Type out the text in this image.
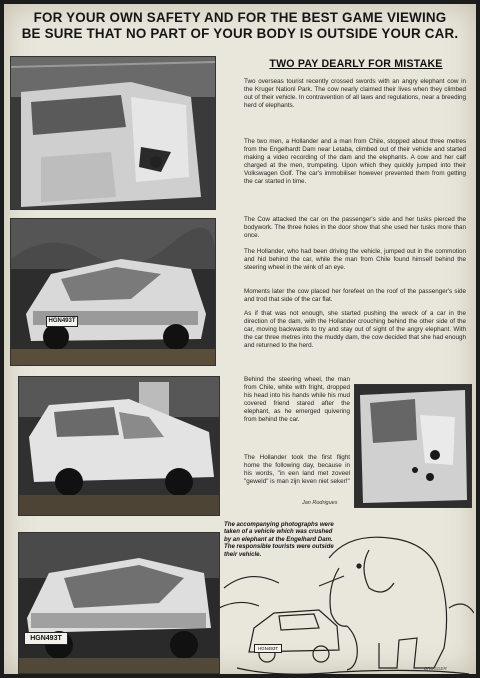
FOR YOUR OWN SAFETY AND FOR THE BEST GAME VIEWING
BE SURE THAT NO PART OF YOUR BODY IS OUTSIDE YOUR CAR.
HGN493T
HGN493T
TWO PAY DEARLY FOR MISTAKE
Two overseas tourist recently crossed swords with an angry elephant cow in the Kruger Nationl Park. The cow nearly claimed their lives when they climbed out of their vehicle. In contravention of all laws and regulations, near a breeding herd of elephants.
The two men, a Hollander and a man from Chile, stopped about three metres from the Engelhardt Dam near Letaba, climbed out of their vehicle and started making a video recording of the dam and the elephants. A cow and her calf charged at the men, trumpeting. Upon which they quickly jumped into their Volkswagen Golf. The car's immobiliser however prevented them from getting the car started in time.
The Cow attacked the car on the passenger's side and her tusks pierced the bodywork. The three holes in the door show that she used her tusks more than once.
The Hollander, who had been driving the vehicle, jumped out in the commotion and hid behind the car, while the man from Chile found himself behind the steering wheel in the wink of an eye.
Moments later the cow placed her forefeet on the roof of the passenger's side and trod that side of the car flat.
As if that was not enough, she started pushing the wreck of a car in the direction of the dam, with the Hollander crouching behind the other side of the car, moving backwards to try and stay out of sight of the angry elephant. With the car three metres into the muddy dam, the cow decided that she had enough and returned to the herd.
Behind the steering wheel, the man from Chile, white with fright, dropped his head into his hands while his mud covered friend stared after the elephant, as he emerged quivering from behind the car.
The Hollander took the first flight home the following day, because in his words, "in een land met zoveel "geweld" is man zijn leven niet seker!"
Jan Rodrigues
HGN493T
The accompanying photographs were taken of a vehicle which was crushed by an elephant at the Engelhard Dam. The responsible tourists were outside their vehicle.
BRUGGER
